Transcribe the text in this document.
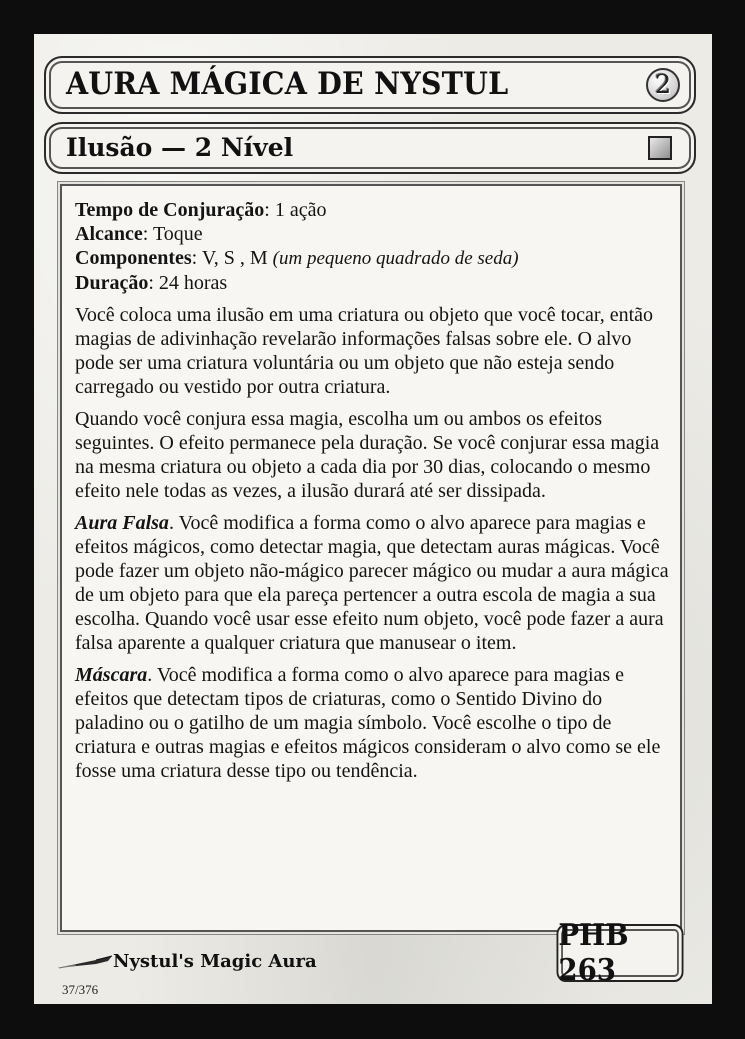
AURA MÁGICA DE NYSTUL	2
Ilusão — 2 Nível

Tempo de Conjuração: 1 ação

Alcance: Toque

Componentes: V, S , M (um pequeno quadrado de seda)

Duração: 24 horas

Você coloca uma ilusão em uma criatura ou objeto que você tocar, então magias de adivinhação revelarão informações falsas sobre ele. O alvo pode ser uma criatura voluntária ou um objeto que não esteja sendo carregado ou vestido por outra criatura.

Quando você conjura essa magia, escolha um ou ambos os efeitos seguintes. O efeito permanece pela duração. Se você conjurar essa magia na mesma criatura ou objeto a cada dia por 30 dias, colocando o mesmo efeito nele todas as vezes, a ilusão durará até ser dissipada.

Aura Falsa. Você modifica a forma como o alvo aparece para magias e efeitos mágicos, como detectar magia, que detectam auras mágicas. Você pode fazer um objeto não-mágico parecer mágico ou mudar a aura mágica de um objeto para que ela pareça pertencer a outra escola de magia a sua escolha. Quando você usar esse efeito num objeto, você pode fazer a aura falsa aparente a qualquer criatura que manusear o item.

Máscara. Você modifica a forma como o alvo aparece para magias e efeitos que detectam tipos de criaturas, como o Sentido Divino do paladino ou o gatilho de um magia símbolo. Você escolhe o tipo de criatura e outras magias e efeitos mágicos consideram o alvo como se ele fosse uma criatura desse tipo ou tendência.

Nystul's Magic Aura
37/376
PHB 263
